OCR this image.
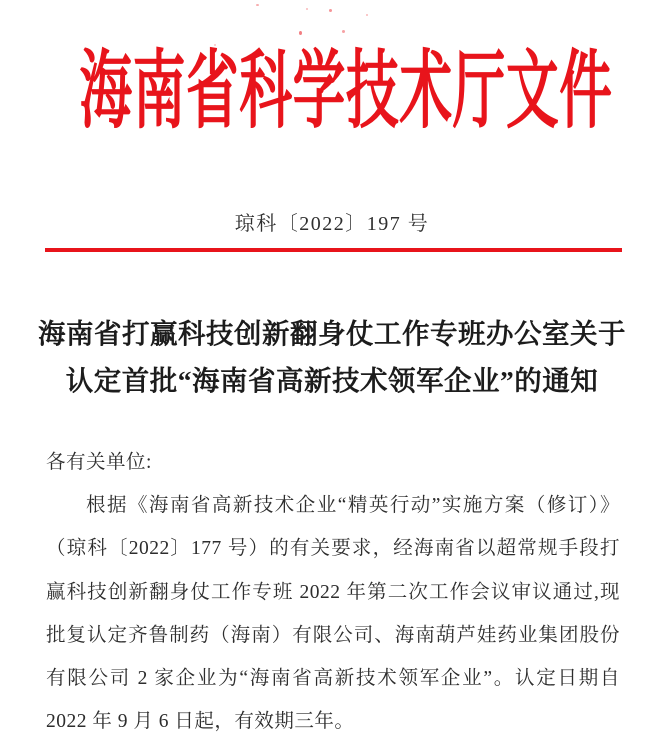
海南省科学技术厅文件
琼科〔2022〕197 号
海南省打赢科技创新翻身仗工作专班办公室关于
认定首批“海南省高新技术领军企业”的通知
各有关单位:
根据《海南省高新技术企业“精英行动”实施方案（修订）》
（琼科〔2022〕177 号）的有关要求，经海南省以超常规手段打
赢科技创新翻身仗工作专班 2022 年第二次工作会议审议通过,现
批复认定齐鲁制药（海南）有限公司、海南葫芦娃药业集团股份
有限公司 2 家企业为“海南省高新技术领军企业”。认定日期自
2022 年 9 月 6 日起，有效期三年。
